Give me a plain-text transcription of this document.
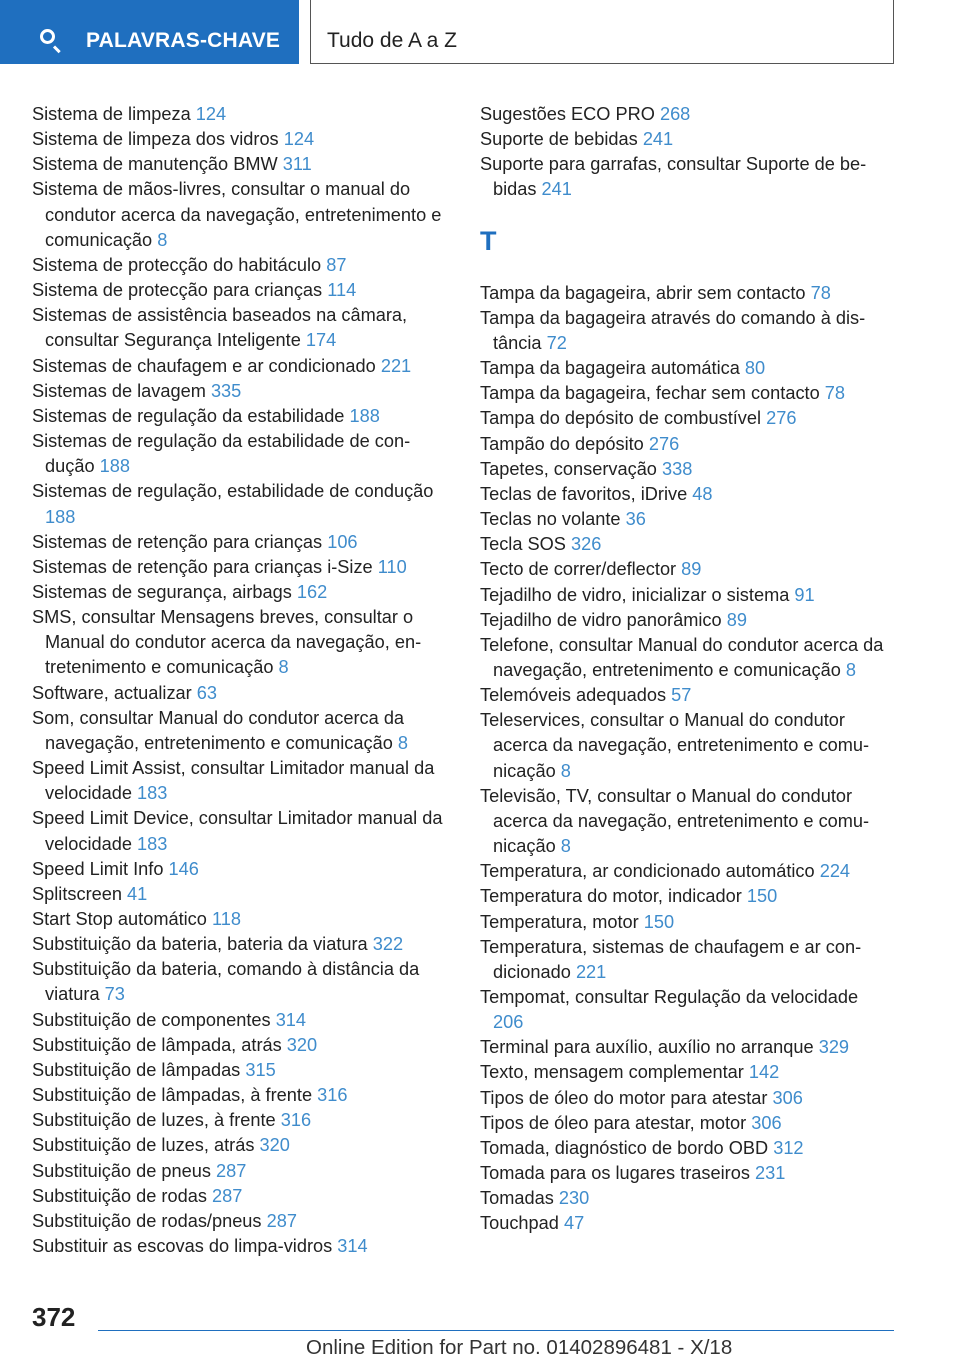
PALAVRAS-CHAVE Tudo de A a Z
Sistema de limpeza 124
Sistema de limpeza dos vidros 124
Sistema de manutenção BMW 311
Sistema de mãos-livres, consultar o manual do condutor acerca da navegação, entretenimento e comunicação 8
Sistema de protecção do habitáculo 87
Sistema de protecção para crianças 114
Sistemas de assistência baseados na câmara, consultar Segurança Inteligente 174
Sistemas de chaufagem e ar condicionado 221
Sistemas de lavagem 335
Sistemas de regulação da estabilidade 188
Sistemas de regulação da estabilidade de condução 188
Sistemas de regulação, estabilidade de condução 188
Sistemas de retenção para crianças 106
Sistemas de retenção para crianças i-Size 110
Sistemas de segurança, airbags 162
SMS, consultar Mensagens breves, consultar o Manual do condutor acerca da navegação, entretenimento e comunicação 8
Software, actualizar 63
Som, consultar Manual do condutor acerca da navegação, entretenimento e comunicação 8
Speed Limit Assist, consultar Limitador manual da velocidade 183
Speed Limit Device, consultar Limitador manual da velocidade 183
Speed Limit Info 146
Splitscreen 41
Start Stop automático 118
Substituição da bateria, bateria da viatura 322
Substituição da bateria, comando à distância da viatura 73
Substituição de componentes 314
Substituição de lâmpada, atrás 320
Substituição de lâmpadas 315
Substituição de lâmpadas, à frente 316
Substituição de luzes, à frente 316
Substituição de luzes, atrás 320
Substituição de pneus 287
Substituição de rodas 287
Substituição de rodas/pneus 287
Substituir as escovas do limpa-vidros 314
Sugestões ECO PRO 268
Suporte de bebidas 241
Suporte para garrafas, consultar Suporte de bebidas 241
T
Tampa da bagageira, abrir sem contacto 78
Tampa da bagageira através do comando à distância 72
Tampa da bagageira automática 80
Tampa da bagageira, fechar sem contacto 78
Tampa do depósito de combustível 276
Tampão do depósito 276
Tapetes, conservação 338
Teclas de favoritos, iDrive 48
Teclas no volante 36
Tecla SOS 326
Tecto de correr/deflector 89
Tejadilho de vidro, inicializar o sistema 91
Tejadilho de vidro panorâmico 89
Telefone, consultar Manual do condutor acerca da navegação, entretenimento e comunicação 8
Telemóveis adequados 57
Teleservices, consultar o Manual do condutor acerca da navegação, entretenimento e comunicação 8
Televisão, TV, consultar o Manual do condutor acerca da navegação, entretenimento e comunicação 8
Temperatura, ar condicionado automático 224
Temperatura do motor, indicador 150
Temperatura, motor 150
Temperatura, sistemas de chaufagem e ar condicionado 221
Tempomat, consultar Regulação da velocidade 206
Terminal para auxílio, auxílio no arranque 329
Texto, mensagem complementar 142
Tipos de óleo do motor para atestar 306
Tipos de óleo para atestar, motor 306
Tomada, diagnóstico de bordo OBD 312
Tomada para os lugares traseiros 231
Tomadas 230
Touchpad 47
372
Online Edition for Part no. 01402896481 - X/18
